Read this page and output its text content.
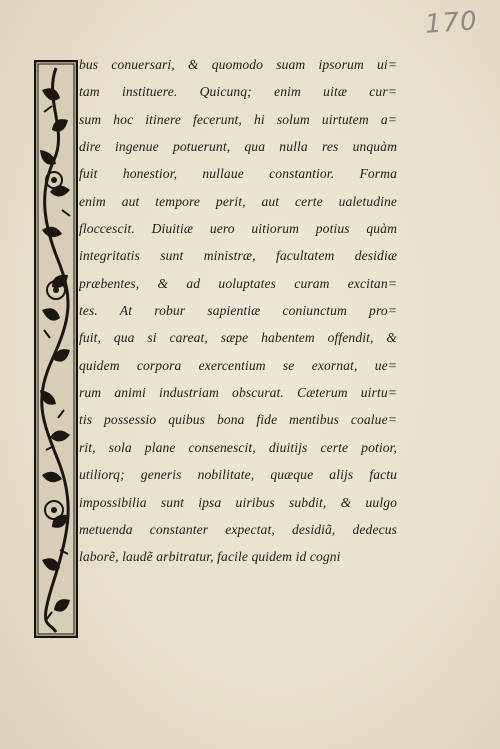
170
bus conuersari, & quomodo suam ipsorum ui=
tam instituere. Quicunq; enim uitæ cur=
sum hoc itinere fecerunt, hi solum uirtutem a=
dire ingenue potuerunt, qua nulla res unquàm
fuit honestior, nullaue constantior. Forma
enim aut tempore perit, aut certe ualetudine
floccescit. Diuitiæ uero uitiorum potius quàm
integritatis sunt ministræ, facultatem desidiæ
præbentes, & ad uoluptates curam excitan=
tes. At robur sapientiæ coniunctum pro=
fuit, qua si careat, sæpe habentem offendit, &
quidem corpora exercentium se exornat, ue=
rum animi industriam obscurat. Cæterum uirtu=
tis possessio quibus bona fide mentibus coalue=
rit, sola plane consenescit, diuitijs certe potior,
utiliorq; generis nobilitate, quæque alijs factu
impossibilia sunt ipsa uiribus subdit, & uulgo
metuenda constanter expectat, desidiã, dedecus
laborẽ, laudẽ arbitratur, facile quidem id cogni
